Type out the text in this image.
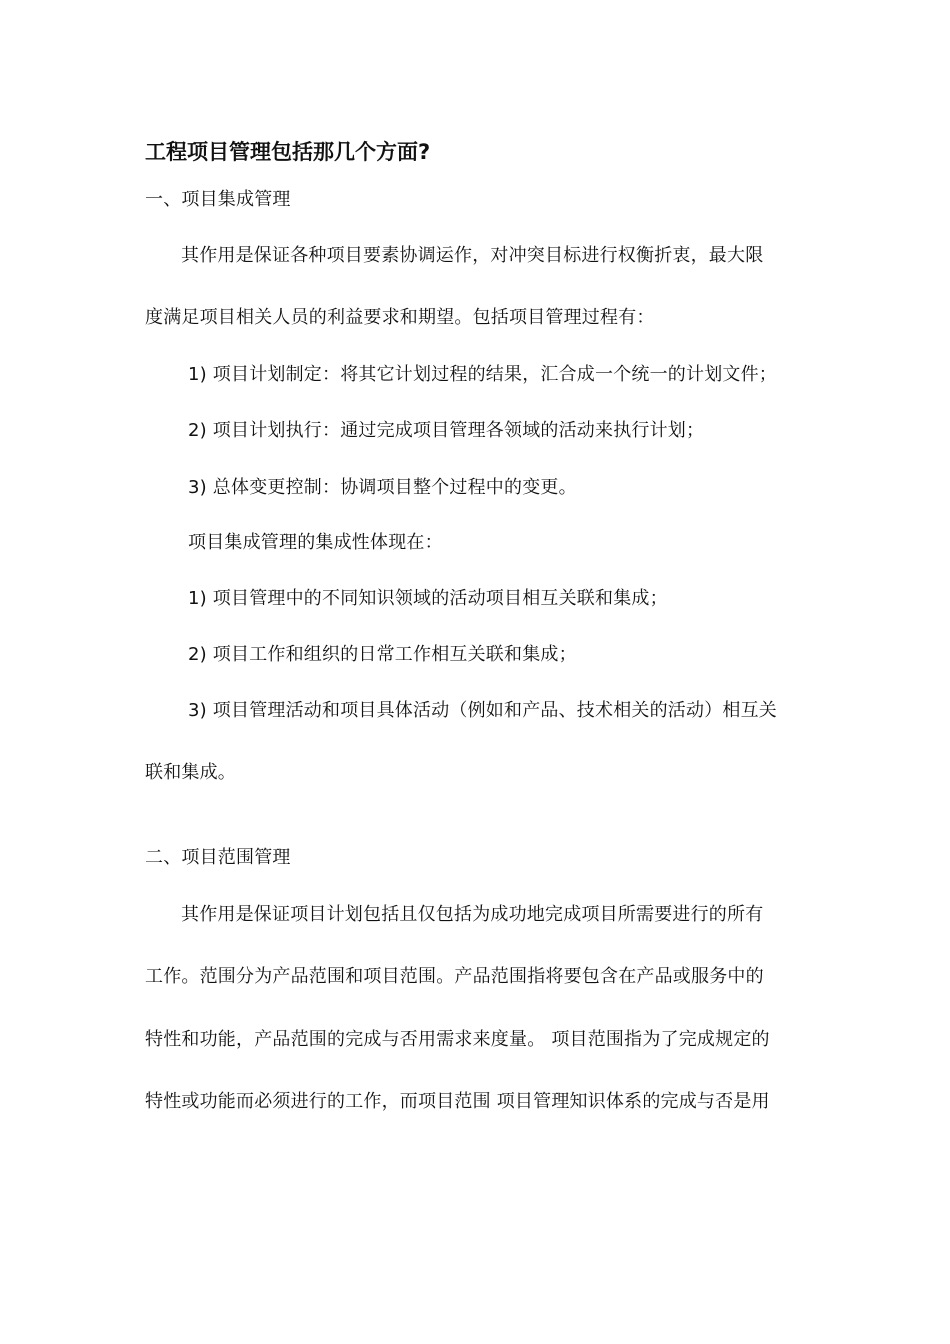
工程项目管理包括那几个方面?
一、项目集成管理
其作用是保证各种项目要素协调运作，对冲突目标进行权衡折衷，最大限
度满足项目相关人员的利益要求和期望。包括项目管理过程有：
1) 项目计划制定：将其它计划过程的结果，汇合成一个统一的计划文件；
2) 项目计划执行：通过完成项目管理各领域的活动来执行计划；
3) 总体变更控制：协调项目整个过程中的变更。
项目集成管理的集成性体现在：
1) 项目管理中的不同知识领域的活动项目相互关联和集成；
2) 项目工作和组织的日常工作相互关联和集成；
3) 项目管理活动和项目具体活动（例如和产品、技术相关的活动）相互关
联和集成。
二、项目范围管理
其作用是保证项目计划包括且仅包括为成功地完成项目所需要进行的所有
工作。范围分为产品范围和项目范围。产品范围指将要包含在产品或服务中的
特性和功能，产品范围的完成与否用需求来度量。 项目范围指为了完成规定的
特性或功能而必须进行的工作，而项目范围 项目管理知识体系的完成与否是用
